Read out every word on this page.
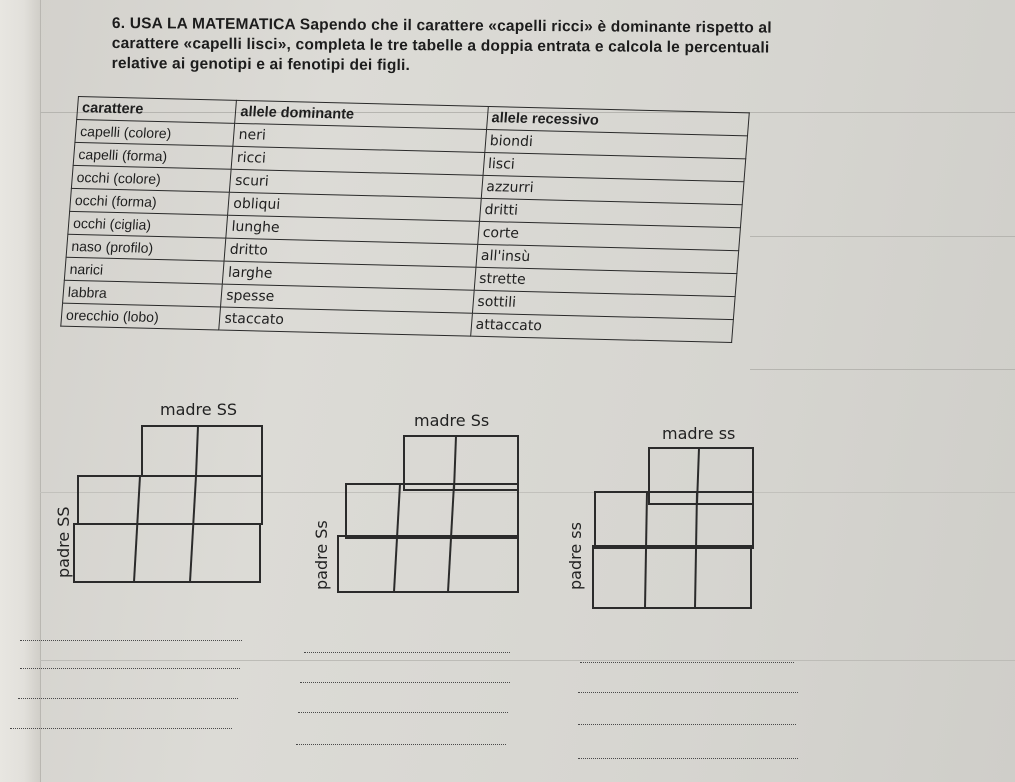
6. USA LA MATEMATICA Sapendo che il carattere «capelli ricci» è dominante rispetto al
carattere «capelli lisci», completa le tre tabelle a doppia entrata e calcola le percentuali
relative ai genotipi e ai fenotipi dei figli.
carattere	allele dominante	allele recessivo
capelli (colore)	neri	biondi
capelli (forma)	ricci	lisci
occhi (colore)	scuri	azzurri
occhi (forma)	obliqui	dritti
occhi (ciglia)	lunghe	corte
naso (profilo)	dritto	all'insù
narici	larghe	strette
labbra	spesse	sottili
orecchio (lobo)	staccato	attaccato
madre SS
padre SS
madre Ss
padre Ss
madre ss
padre ss
